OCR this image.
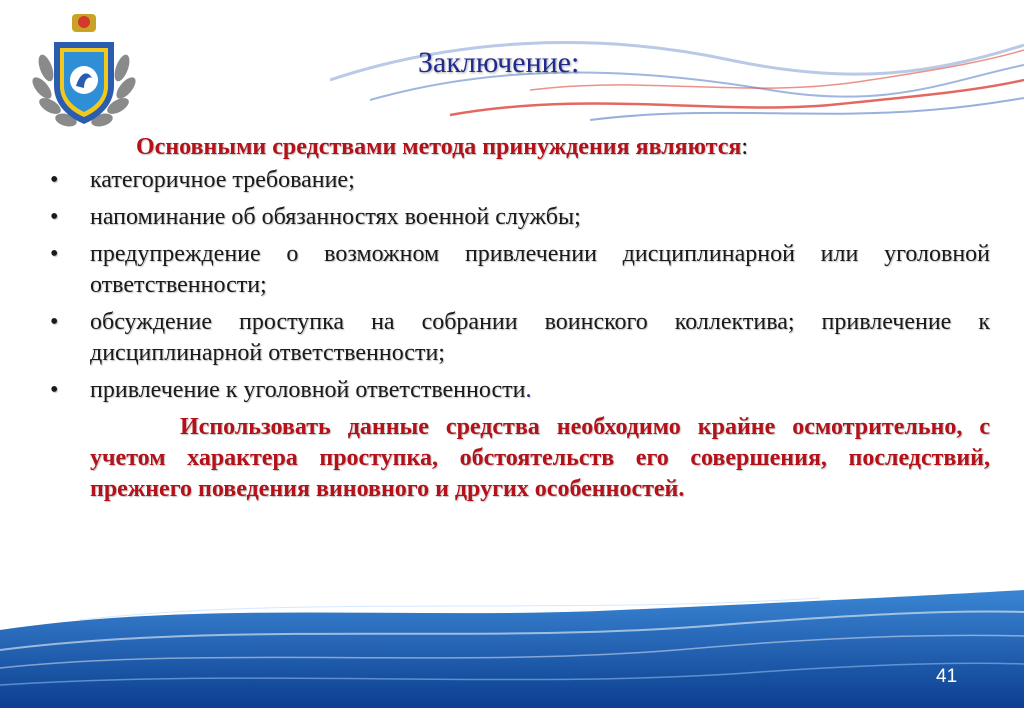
Заключение:
Основными средствами метода принуждения являются:
•	категоричное требование;
•	напоминание об обязанностях военной службы;
•	предупреждение о возможном привлечении дисциплинарной или уголовной ответственности;
•	обсуждение проступка на собрании воинского коллектива; привлечение к дисциплинарной ответственности;
•	привлечение к уголовной ответственности.
Использовать данные средства необходимо крайне осмотрительно, с учетом характера проступка, обстоятельств его совершения, последствий, прежнего поведения виновного и других особенностей.
41
